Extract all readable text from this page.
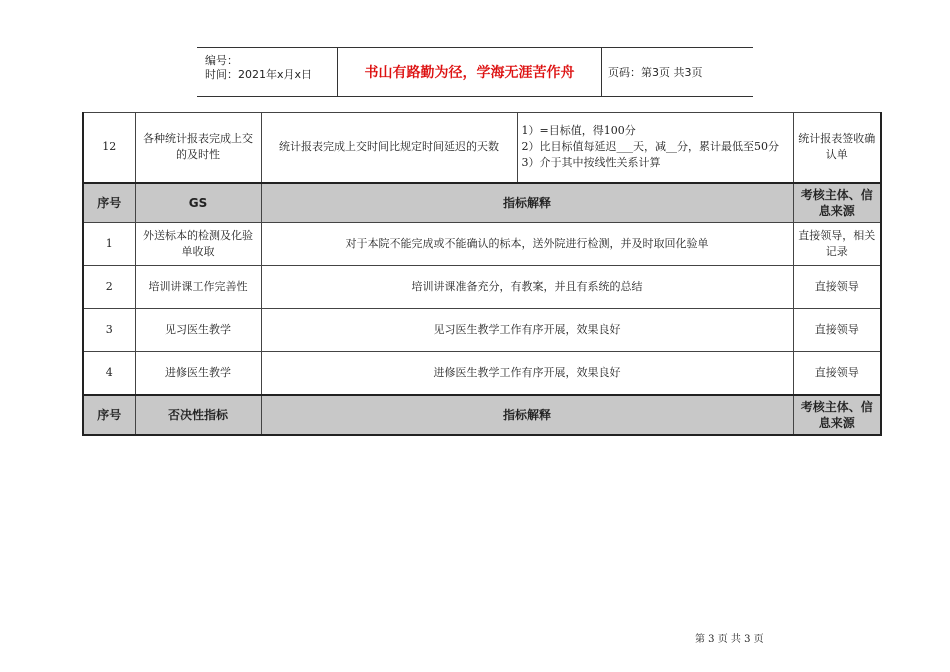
编号：
时间：2021年x月x日	书山有路勤为径，学海无涯苦作舟	页码：第3页 共3页
12	各种统计报表完成上交的及时性	统计报表完成上交时间比规定时间延迟的天数	1）=目标值，得100分
2）比目标值每延迟___天，减__分，累计最低至50分
3）介于其中按线性关系计算	统计报表签收确认单
序号	GS	指标解释		考核主体、信息来源
1	外送标本的检测及化验单收取	对于本院不能完成或不能确认的标本，送外院进行检测，并及时取回化验单		直接领导，相关记录
2	培训讲课工作完善性	培训讲课准备充分，有教案，并且有系统的总结		直接领导
3	见习医生教学	见习医生教学工作有序开展，效果良好		直接领导
4	进修医生教学	进修医生教学工作有序开展，效果良好		直接领导
序号	否决性指标	指标解释		考核主体、信息来源
第 3 页 共 3 页
